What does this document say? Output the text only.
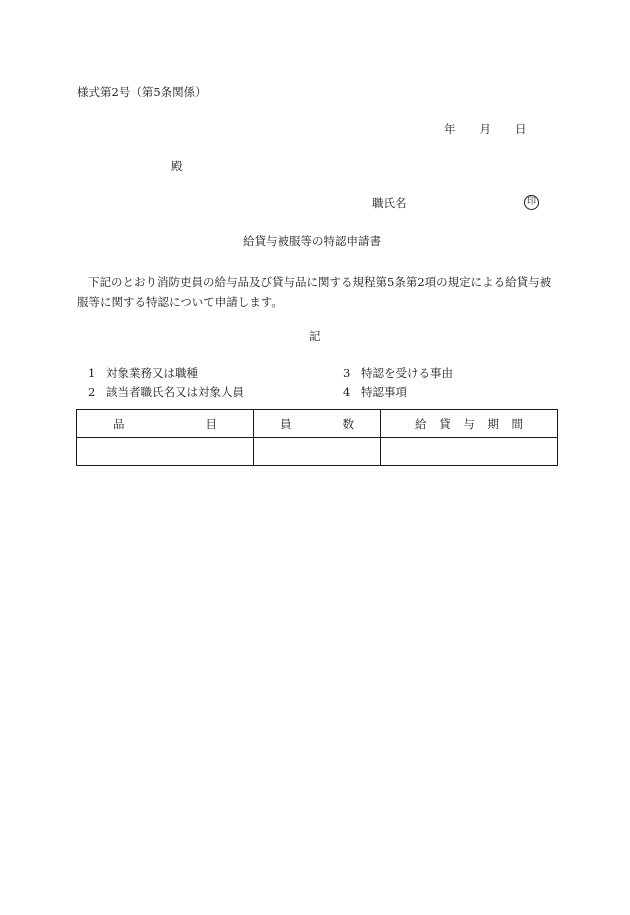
様式第2号（第5条関係）
年 月 日
殿
職氏名	印
給貸与被服等の特認申請書
下記のとおり消防吏員の給与品及び貸与品に関する規程第5条第2項の規定による給貸与被服等に関する特認について申請します。
記
1 対象業務又は職種
2 該当者職氏名又は対象人員
3 特認を受ける事由
4 特認事項
品 目	員 数	給 貸 与 期 間
